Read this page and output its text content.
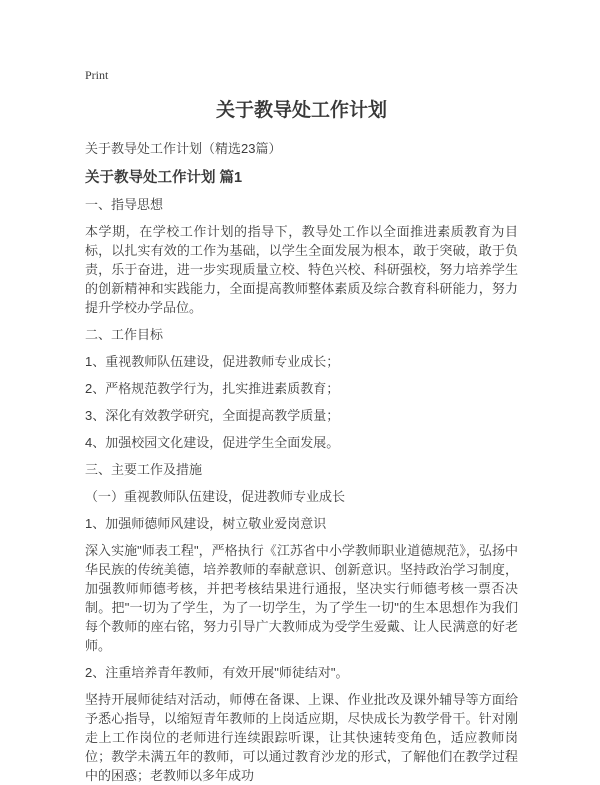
Print

关于教导处工作计划

关于教导处工作计划（精选23篇）

关于教导处工作计划 篇1

一、指导思想

本学期，在学校工作计划的指导下，教导处工作以全面推进素质教育为目标，以扎实有效的工作为基础，以学生全面发展为根本，敢于突破，敢于负责，乐于奋进，进一步实现质量立校、特色兴校、科研强校，努力培养学生的创新精神和实践能力，全面提高教师整体素质及综合教育科研能力，努力提升学校办学品位。

二、工作目标

1、重视教师队伍建设，促进教师专业成长；

2、严格规范教学行为，扎实推进素质教育；

3、深化有效教学研究，全面提高教学质量；

4、加强校园文化建设，促进学生全面发展。

三、主要工作及措施

（一）重视教师队伍建设，促进教师专业成长

1、加强师德师风建设，树立敬业爱岗意识

深入实施"师表工程"，严格执行《江苏省中小学教师职业道德规范》，弘扬中华民族的传统美德，培养教师的奉献意识、创新意识。坚持政治学习制度，加强教师师德考核，并把考核结果进行通报，坚决实行师德考核一票否决制。把"一切为了学生，为了一切学生，为了学生一切"的生本思想作为我们每个教师的座右铭，努力引导广大教师成为受学生爱戴、让人民满意的好老师。

2、注重培养青年教师，有效开展"师徒结对"。

坚持开展师徒结对活动，师傅在备课、上课、作业批改及课外辅导等方面给予悉心指导，以缩短青年教师的上岗适应期，尽快成长为教学骨干。针对刚走上工作岗位的老师进行连续跟踪听课，让其快速转变角色，适应教师岗位；教学未满五年的教师，可以通过教育沙龙的形式，了解他们在教学过程中的困惑；老教师以多年成功
